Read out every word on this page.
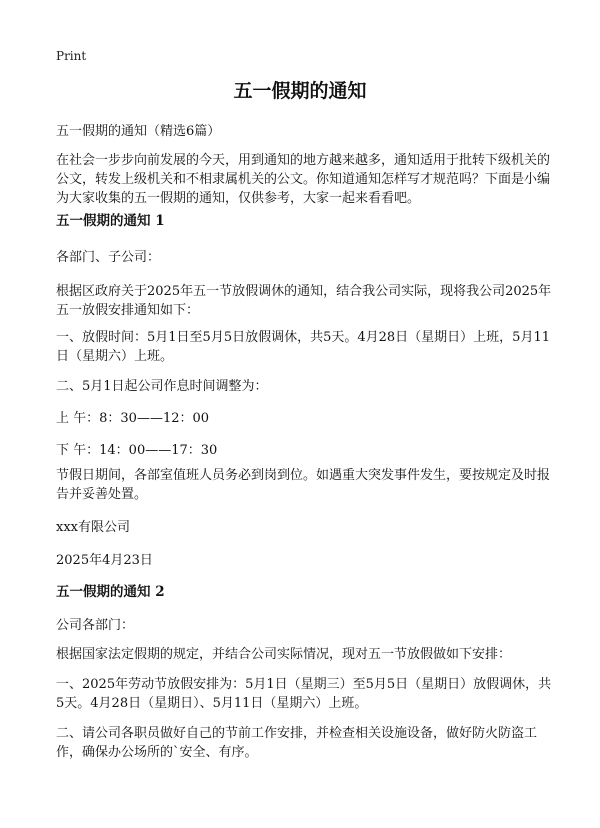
Print
五一假期的通知

五一假期的通知（精选6篇）

在社会一步步向前发展的今天，用到通知的地方越来越多，通知适用于批转下级机关的公文，转发上级机关和不相隶属机关的公文。你知道通知怎样写才规范吗？下面是小编为大家收集的五一假期的通知，仅供参考，大家一起来看看吧。

五一假期的通知 1

各部门、子公司：

根据区政府关于2025年五一节放假调休的通知，结合我公司实际，现将我公司2025年五一放假安排通知如下：

一、放假时间：5月1日至5月5日放假调休，共5天。4月28日（星期日）上班，5月11日（星期六）上班。

二、5月1日起公司作息时间调整为：

上 午：8：30——12：00

下 午：14：00——17：30

节假日期间，各部室值班人员务必到岗到位。如遇重大突发事件发生，要按规定及时报告并妥善处置。

xxx有限公司

2025年4月23日

五一假期的通知 2

公司各部门：

根据国家法定假期的规定，并结合公司实际情况，现对五一节放假做如下安排：

一、2025年劳动节放假安排为：5月1日（星期三）至5月5日（星期日）放假调休，共5天。4月28日（星期日）、5月11日（星期六）上班。

二、请公司各职员做好自己的节前工作安排，并检查相关设施设备，做好防火防盗工作，确保办公场所的`安全、有序。
